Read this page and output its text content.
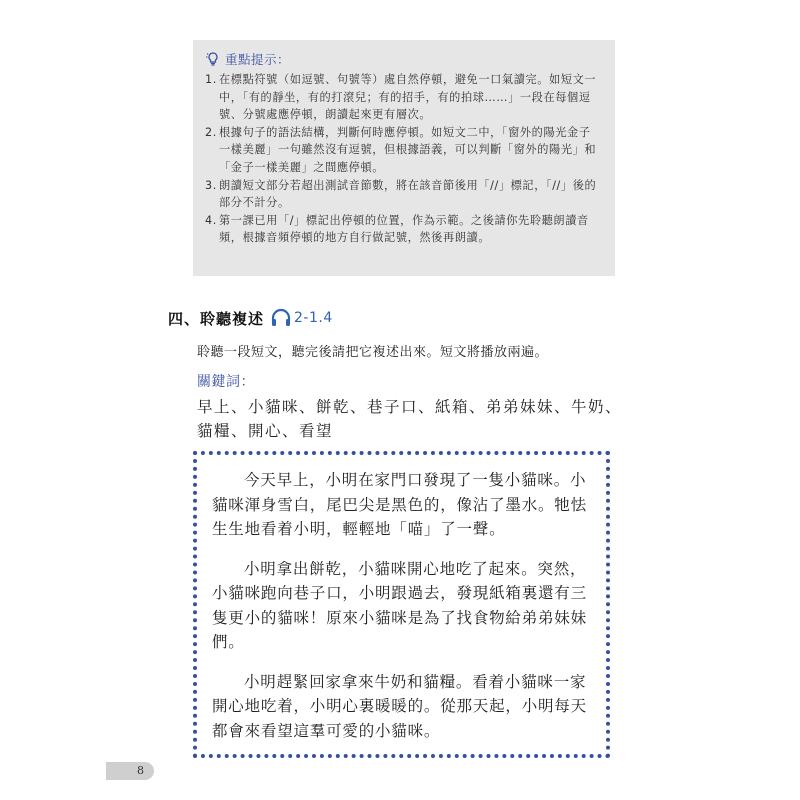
重點提示：
1. 在標點符號（如逗號、句號等）處自然停頓，避免一口氣讀完。如短文一中，「有的靜坐，有的打滾兒；有的招手，有的拍球……」一段在每個逗號、分號處應停頓，朗讀起來更有層次。
2. 根據句子的語法結構，判斷何時應停頓。如短文二中，「窗外的陽光金子一樣美麗」一句雖然沒有逗號，但根據語義，可以判斷「窗外的陽光」和「金子一樣美麗」之間應停頓。
3. 朗讀短文部分若超出測試音節數，將在該音節後用「//」標記，「//」後的部分不計分。
4. 第一課已用「/」標記出停頓的位置，作為示範。之後請你先聆聽朗讀音頻，根據音頻停頓的地方自行做記號，然後再朗讀。
四、聆聽複述 2-1.4
聆聽一段短文，聽完後請把它複述出來。短文將播放兩遍。
關鍵詞：
早上、小貓咪、餅乾、巷子口、紙箱、弟弟妹妹、牛奶、貓糧、開心、看望

今天早上，小明在家門口發現了一隻小貓咪。小貓咪渾身雪白，尾巴尖是黑色的，像沾了墨水。牠怯生生地看着小明，輕輕地「喵」了一聲。

小明拿出餅乾，小貓咪開心地吃了起來。突然，小貓咪跑向巷子口，小明跟過去，發現紙箱裏還有三隻更小的貓咪！原來小貓咪是為了找食物給弟弟妹妹們。

小明趕緊回家拿來牛奶和貓糧。看着小貓咪一家開心地吃着，小明心裏暖暖的。從那天起，小明每天都會來看望這羣可愛的小貓咪。

8
